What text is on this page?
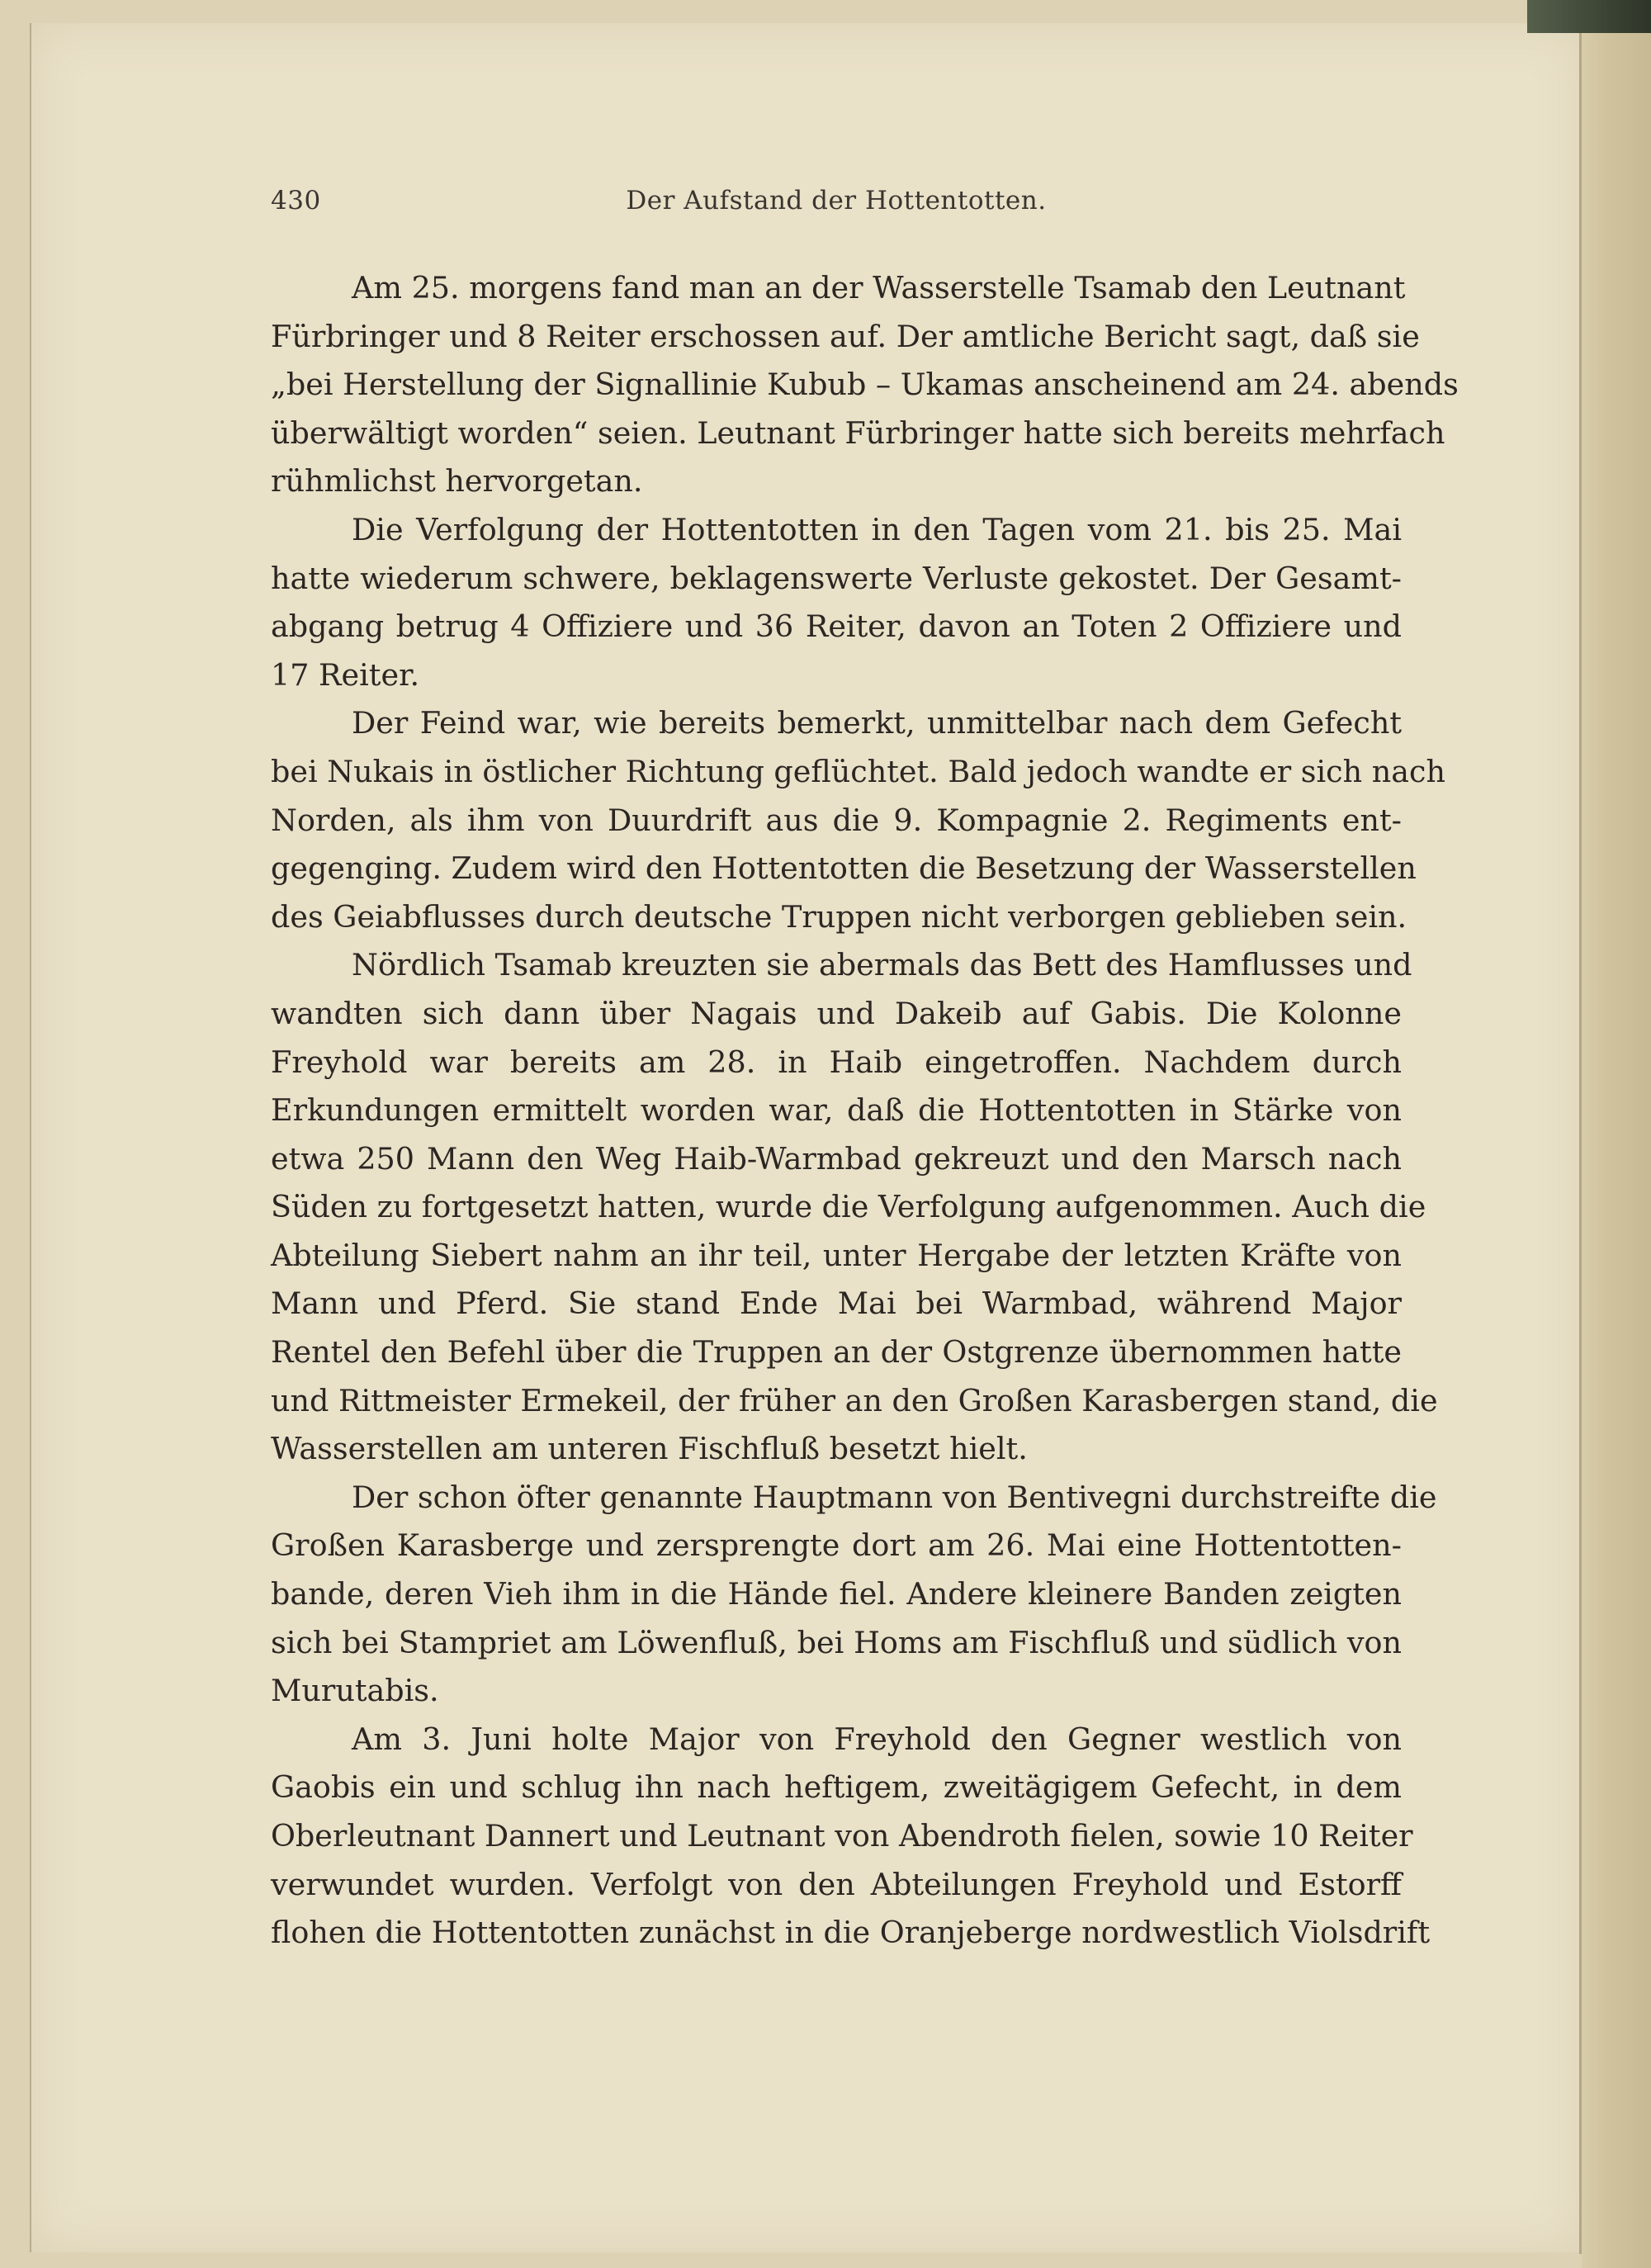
430	Der Aufstand der Hottentotten.
Am 25. morgens fand man an der Wasserstelle Tsamab den Leutnant
Fürbringer und 8 Reiter erschossen auf. Der amtliche Bericht sagt, daß sie
„bei Herstellung der Signallinie Kubub – Ukamas anscheinend am 24. abends
überwältigt worden“ seien. Leutnant Fürbringer hatte sich bereits mehrfach
rühmlichst hervorgetan.
Die Verfolgung der Hottentotten in den Tagen vom 21. bis 25. Mai
hatte wiederum schwere, beklagenswerte Verluste gekostet. Der Gesamt-
abgang betrug 4 Offiziere und 36 Reiter, davon an Toten 2 Offiziere und
17 Reiter.
Der Feind war, wie bereits bemerkt, unmittelbar nach dem Gefecht
bei Nukais in östlicher Richtung geflüchtet. Bald jedoch wandte er sich nach
Norden, als ihm von Duurdrift aus die 9. Kompagnie 2. Regiments ent-
gegenging. Zudem wird den Hottentotten die Besetzung der Wasserstellen
des Geiabflusses durch deutsche Truppen nicht verborgen geblieben sein.
Nördlich Tsamab kreuzten sie abermals das Bett des Hamflusses und
wandten sich dann über Nagais und Dakeib auf Gabis. Die Kolonne
Freyhold war bereits am 28. in Haib eingetroffen. Nachdem durch
Erkundungen ermittelt worden war, daß die Hottentotten in Stärke von
etwa 250 Mann den Weg Haib-Warmbad gekreuzt und den Marsch nach
Süden zu fortgesetzt hatten, wurde die Verfolgung aufgenommen. Auch die
Abteilung Siebert nahm an ihr teil, unter Hergabe der letzten Kräfte von
Mann und Pferd. Sie stand Ende Mai bei Warmbad, während Major
Rentel den Befehl über die Truppen an der Ostgrenze übernommen hatte
und Rittmeister Ermekeil, der früher an den Großen Karasbergen stand, die
Wasserstellen am unteren Fischfluß besetzt hielt.
Der schon öfter genannte Hauptmann von Bentivegni durchstreifte die
Großen Karasberge und zersprengte dort am 26. Mai eine Hottentotten-
bande, deren Vieh ihm in die Hände fiel. Andere kleinere Banden zeigten
sich bei Stampriet am Löwenfluß, bei Homs am Fischfluß und südlich von
Murutabis.
Am 3. Juni holte Major von Freyhold den Gegner westlich von
Gaobis ein und schlug ihn nach heftigem, zweitägigem Gefecht, in dem
Oberleutnant Dannert und Leutnant von Abendroth fielen, sowie 10 Reiter
verwundet wurden. Verfolgt von den Abteilungen Freyhold und Estorff
flohen die Hottentotten zunächst in die Oranjeberge nordwestlich Violsdrift
